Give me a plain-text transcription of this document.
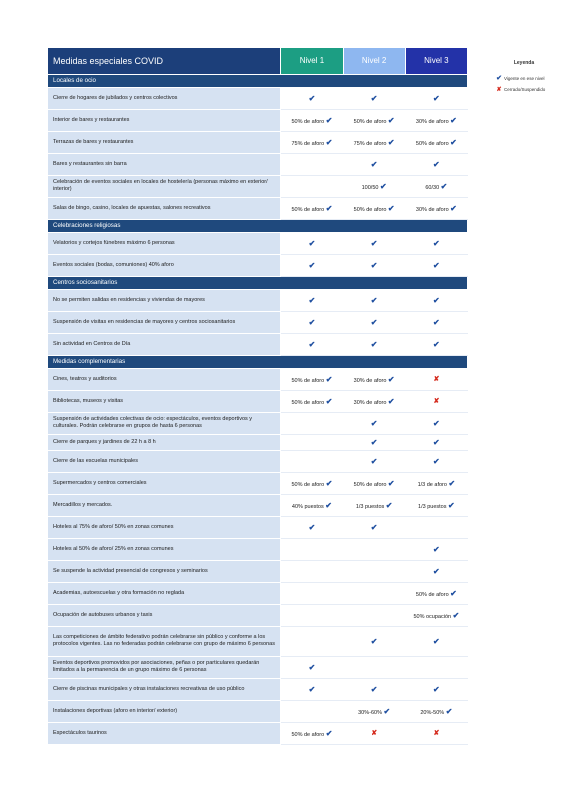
Medidas especiales COVID	Nivel 1	Nivel 2	Nivel 3
Locales de ocio			
Cierre de hogares de jubilados y centros colectivos	✔	✔	✔
Interior de bares y restaurantes	50% de aforo ✔	50% de aforo ✔	30% de aforo ✔
Terrazas de bares y restaurantes	75% de aforo ✔	75% de aforo ✔	50% de aforo ✔
Bares y restaurantes sin barra		✔	✔
Celebración de eventos sociales en locales de hostelería (personas máximo en exterior/ interior)		100/50 ✔	60/30 ✔
Salas de bingo, casino, locales de apuestas, salones recreativos	50% de aforo ✔	50% de aforo ✔	30% de aforo ✔
Celebraciones religiosas			
Velatorios y cortejos fúnebres máximo 6 personas	✔	✔	✔
Eventos sociales (bodas, comuniones) 40% aforo	✔	✔	✔
Centros sociosanitarios			
No se permiten salidas en residencias y viviendas de mayores	✔	✔	✔
Suspensión de visitas en residencias de mayores y centros sociosanitarios	✔	✔	✔
Sin actividad en Centros de Día	✔	✔	✔
Medidas complementarias			
Cines, teatros y auditorios	50% de aforo ✔	30% de aforo ✔	✘
Bibliotecas, museos y visitas	50% de aforo ✔	30% de aforo ✔	✘
Suspensión de actividades colectivas de ocio: espectáculos, eventos deportivos y culturales. Podrán celebrarse en grupos de hasta 6 personas		✔	✔
Cierre de parques y jardines de 22 h a 8 h		✔	✔
Cierre de las escuelas municipales		✔	✔
Supermercados y centros comerciales	50% de aforo ✔	50% de aforo ✔	1/3 de aforo ✔
Mercadillos y mercados.	40% puestos ✔	1/3 puestos ✔	1/3 puestos ✔
Hoteles al 75% de aforo/ 50% en zonas comunes	✔	✔	
Hoteles al 50% de aforo/ 25% en zonas comunes			✔
Se suspende la actividad presencial de congresos y seminarios			✔
Academias, autoescuelas y otra formación no reglada			50% de aforo ✔
Ocupación de autobuses urbanos y taxis			50% ocupación ✔
Las competiciones de ámbito federativo podrán celebrarse sin público y conforme a los protocolos vigentes. Las no federadas podrán celebrarse con grupo de máximo 6 personas		✔	✔
Eventos deportivos promovidos por asociaciones, peñas o por particulares quedarán limitados a la permanencia de un grupo máximo de 6 personas	✔		
Cierre de piscinas municipales y otras instalaciones recreativas de uso público	✔	✔	✔
Instalaciones deportivas (aforo en interior/ exterior)		30%-60% ✔	20%-50% ✔
Espectáculos taurinos	50% de aforo ✔	✘	✘
Leyenda
✔ Vigente en ese nivel
✘ Cerrado/Suspendido
